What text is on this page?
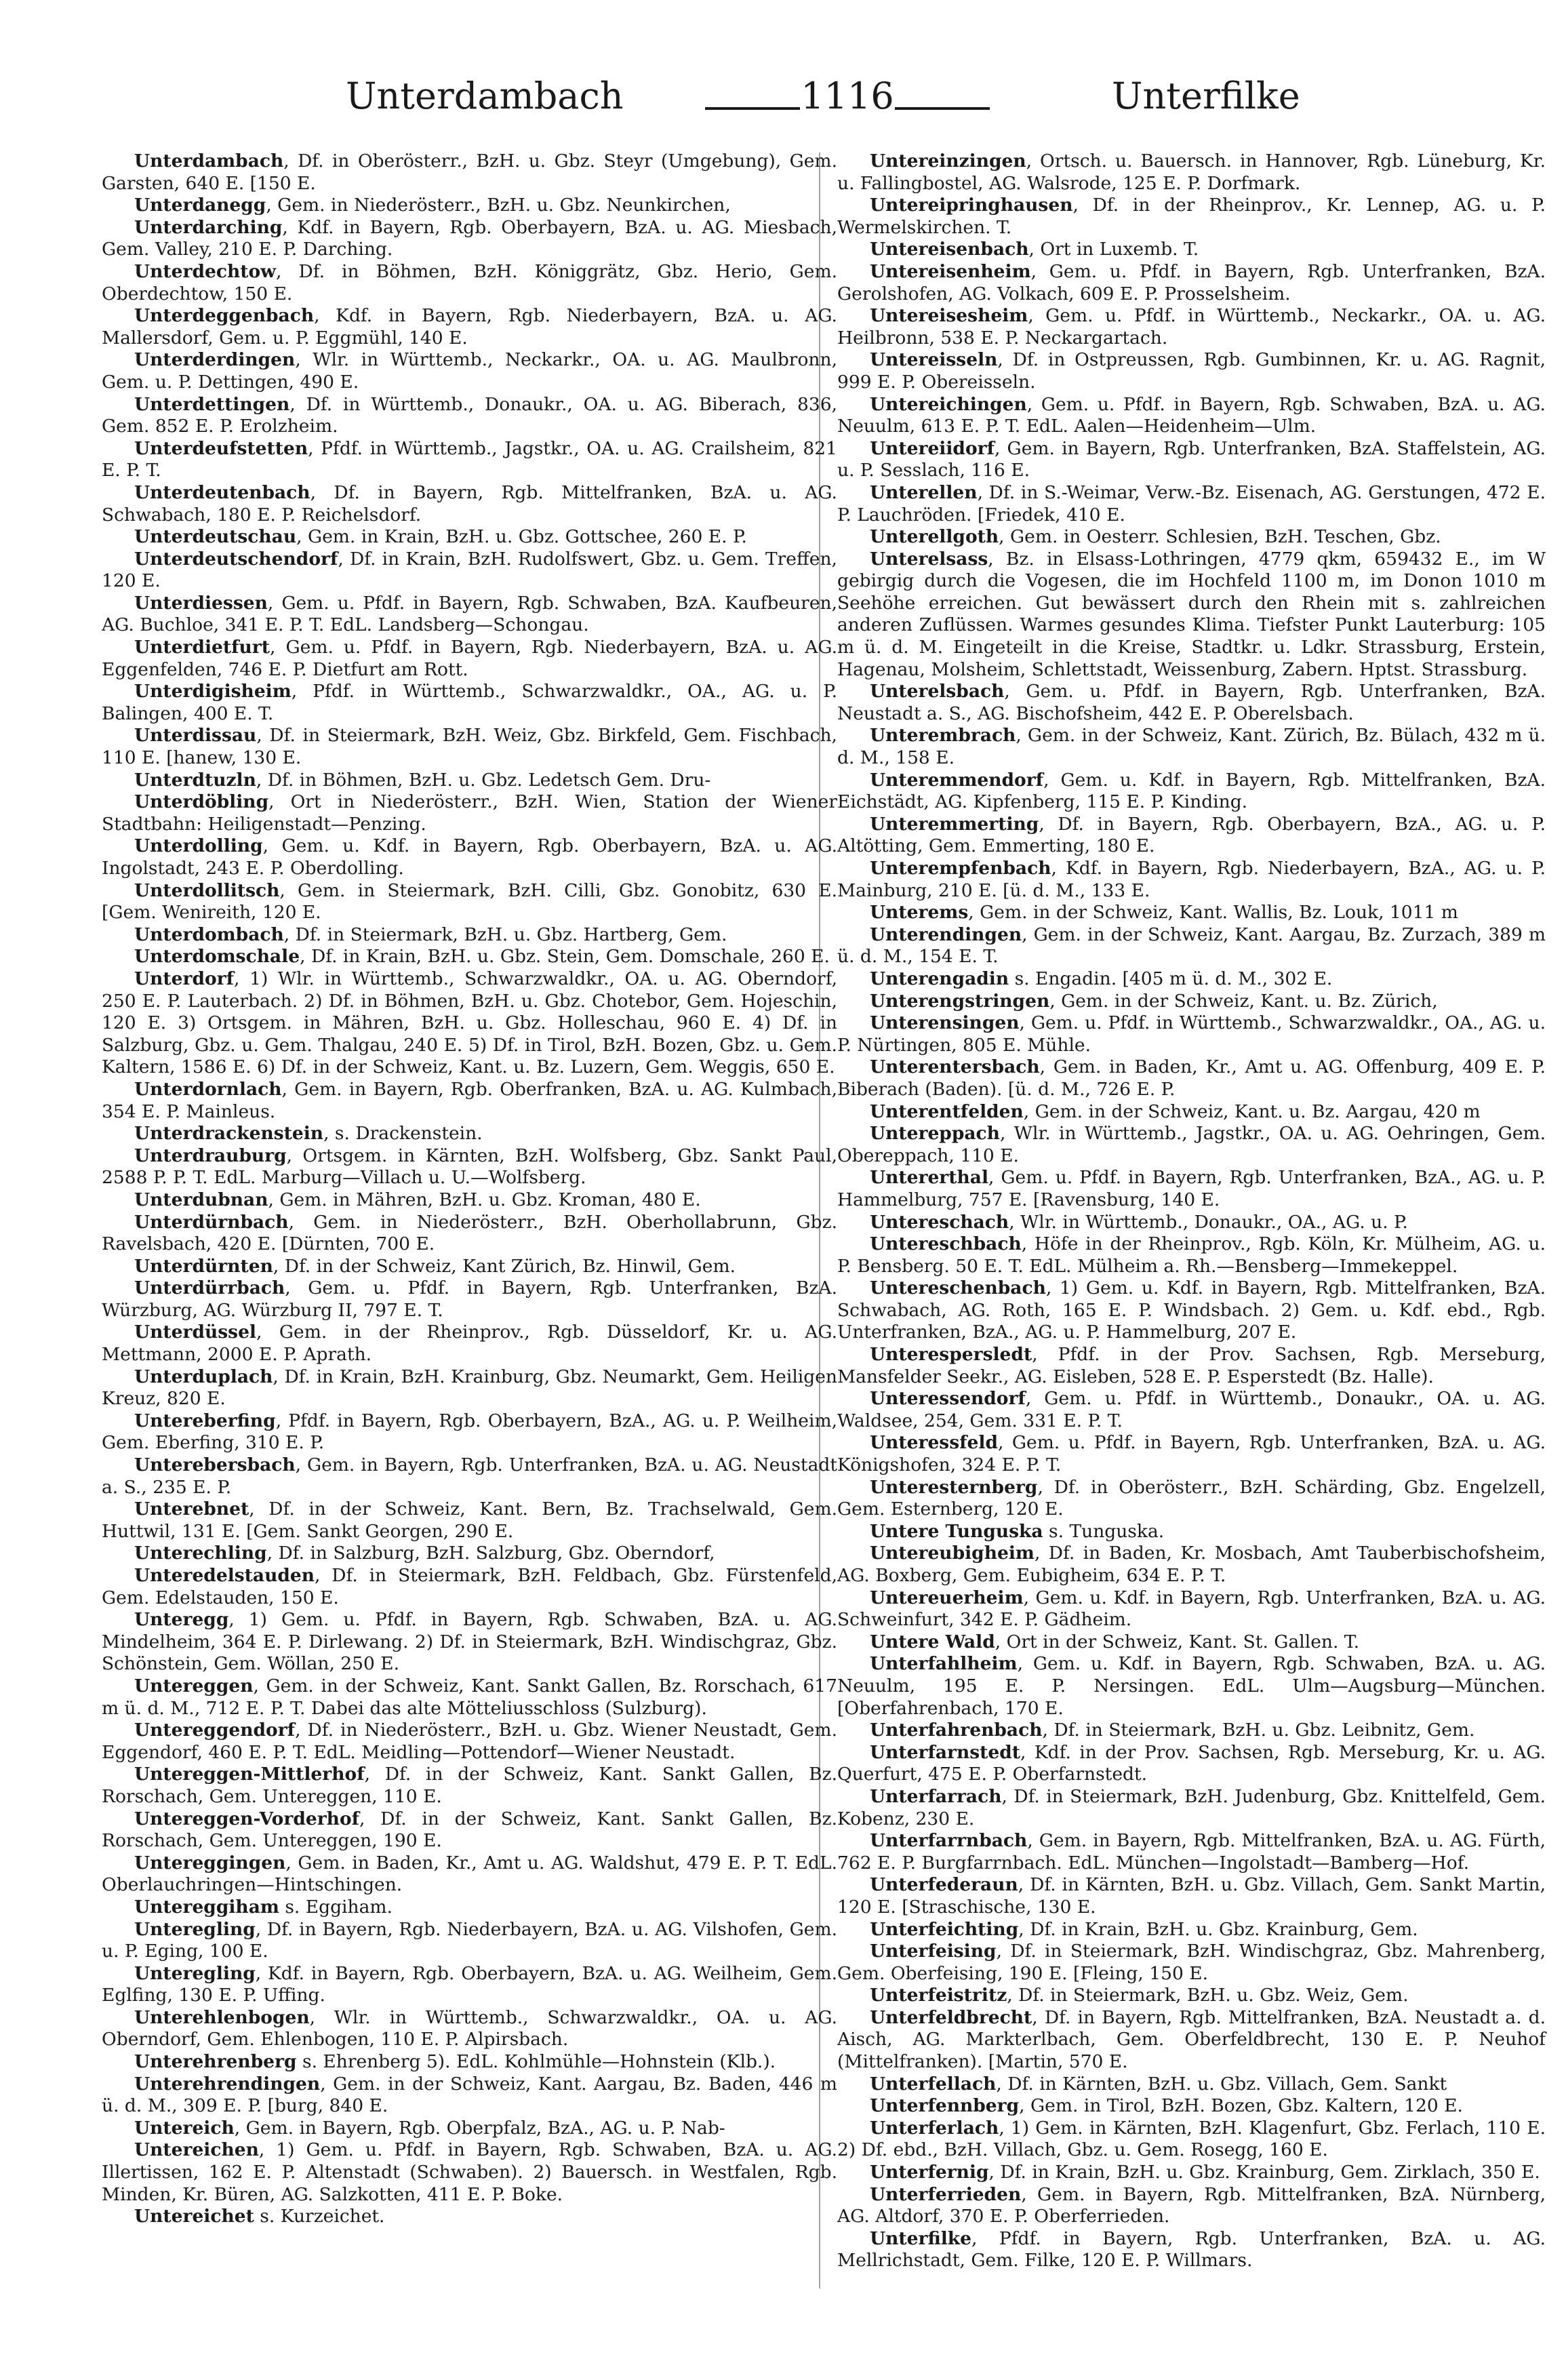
Unterdambach	1116	Unterfilke

Unterdambach, Df. in Oberösterr., BzH. u. Gbz. Steyr (Umgebung), Gem. Garsten, 640 E. [150 E.

Unterdanegg, Gem. in Niederösterr., BzH. u. Gbz. Neunkirchen,

Unterdarching, Kdf. in Bayern, Rgb. Oberbayern, BzA. u. AG. Miesbach, Gem. Valley, 210 E. P. Darching.

Unterdechtow, Df. in Böhmen, BzH. Königgrätz, Gbz. Herio, Gem. Oberdechtow, 150 E.

Unterdeggenbach, Kdf. in Bayern, Rgb. Niederbayern, BzA. u. AG. Mallersdorf, Gem. u. P. Eggmühl, 140 E.

Unterderdingen, Wlr. in Württemb., Neckarkr., OA. u. AG. Maulbronn, Gem. u. P. Dettingen, 490 E.

Unterdettingen, Df. in Württemb., Donaukr., OA. u. AG. Biberach, 836, Gem. 852 E. P. Erolzheim.

Unterdeufstetten, Pfdf. in Württemb., Jagstkr., OA. u. AG. Crailsheim, 821 E. P. T.

Unterdeutenbach, Df. in Bayern, Rgb. Mittelfranken, BzA. u. AG. Schwabach, 180 E. P. Reichelsdorf.

Unterdeutschau, Gem. in Krain, BzH. u. Gbz. Gottschee, 260 E. P.

Unterdeutschendorf, Df. in Krain, BzH. Rudolfswert, Gbz. u. Gem. Treffen, 120 E.

Unterdiessen, Gem. u. Pfdf. in Bayern, Rgb. Schwaben, BzA. Kaufbeuren, AG. Buchloe, 341 E. P. T. EdL. Landsberg—Schongau.

Unterdietfurt, Gem. u. Pfdf. in Bayern, Rgb. Niederbayern, BzA. u. AG. Eggenfelden, 746 E. P. Dietfurt am Rott.

Unterdigisheim, Pfdf. in Württemb., Schwarzwaldkr., OA., AG. u. P. Balingen, 400 E. T.

Unterdissau, Df. in Steiermark, BzH. Weiz, Gbz. Birkfeld, Gem. Fischbach, 110 E. [hanew, 130 E.

Unterdtuzln, Df. in Böhmen, BzH. u. Gbz. Ledetsch Gem. Dru-

Unterdöbling, Ort in Niederösterr., BzH. Wien, Station der Wiener Stadtbahn: Heiligenstadt—Penzing.

Unterdolling, Gem. u. Kdf. in Bayern, Rgb. Oberbayern, BzA. u. AG. Ingolstadt, 243 E. P. Oberdolling.

Unterdollitsch, Gem. in Steiermark, BzH. Cilli, Gbz. Gonobitz, 630 E. [Gem. Wenireith, 120 E.

Unterdombach, Df. in Steiermark, BzH. u. Gbz. Hartberg, Gem.

Unterdomschale, Df. in Krain, BzH. u. Gbz. Stein, Gem. Domschale, 260 E.

Unterdorf, 1) Wlr. in Württemb., Schwarzwaldkr., OA. u. AG. Oberndorf, 250 E. P. Lauterbach. 2) Df. in Böhmen, BzH. u. Gbz. Chotebor, Gem. Hojeschin, 120 E. 3) Ortsgem. in Mähren, BzH. u. Gbz. Holleschau, 960 E. 4) Df. in Salzburg, Gbz. u. Gem. Thalgau, 240 E. 5) Df. in Tirol, BzH. Bozen, Gbz. u. Gem. Kaltern, 1586 E. 6) Df. in der Schweiz, Kant. u. Bz. Luzern, Gem. Weggis, 650 E.

Unterdornlach, Gem. in Bayern, Rgb. Oberfranken, BzA. u. AG. Kulmbach, 354 E. P. Mainleus.

Unterdrackenstein, s. Drackenstein.

Unterdrauburg, Ortsgem. in Kärnten, BzH. Wolfsberg, Gbz. Sankt Paul, 2588 P. P. T. EdL. Marburg—Villach u. U.—Wolfsberg.

Unterdubnan, Gem. in Mähren, BzH. u. Gbz. Kroman, 480 E.

Unterdürnbach, Gem. in Niederösterr., BzH. Oberhollabrunn, Gbz. Ravelsbach, 420 E. [Dürnten, 700 E.

Unterdürnten, Df. in der Schweiz, Kant Zürich, Bz. Hinwil, Gem.

Unterdürrbach, Gem. u. Pfdf. in Bayern, Rgb. Unterfranken, BzA. Würzburg, AG. Würzburg II, 797 E. T.

Unterdüssel, Gem. in der Rheinprov., Rgb. Düsseldorf, Kr. u. AG. Mettmann, 2000 E. P. Aprath.

Unterduplach, Df. in Krain, BzH. Krainburg, Gbz. Neumarkt, Gem. Heiligen Kreuz, 820 E.

Untereberfing, Pfdf. in Bayern, Rgb. Oberbayern, BzA., AG. u. P. Weilheim, Gem. Eberfing, 310 E. P.

Unterebersbach, Gem. in Bayern, Rgb. Unterfranken, BzA. u. AG. Neustadt a. S., 235 E. P.

Unterebnet, Df. in der Schweiz, Kant. Bern, Bz. Trachselwald, Gem. Huttwil, 131 E. [Gem. Sankt Georgen, 290 E.

Unterechling, Df. in Salzburg, BzH. Salzburg, Gbz. Oberndorf,

Unteredelstauden, Df. in Steiermark, BzH. Feldbach, Gbz. Fürstenfeld, Gem. Edelstauden, 150 E.

Unteregg, 1) Gem. u. Pfdf. in Bayern, Rgb. Schwaben, BzA. u. AG. Mindelheim, 364 E. P. Dirlewang. 2) Df. in Steiermark, BzH. Windischgraz, Gbz. Schönstein, Gem. Wöllan, 250 E.

Untereggen, Gem. in der Schweiz, Kant. Sankt Gallen, Bz. Rorschach, 617 m ü. d. M., 712 E. P. T. Dabei das alte Mötteliusschloss (Sulzburg).

Untereggendorf, Df. in Niederösterr., BzH. u. Gbz. Wiener Neustadt, Gem. Eggendorf, 460 E. P. T. EdL. Meidling—Pottendorf—Wiener Neustadt.

Untereggen-Mittlerhof, Df. in der Schweiz, Kant. Sankt Gallen, Bz. Rorschach, Gem. Untereggen, 110 E.

Untereggen-Vorderhof, Df. in der Schweiz, Kant. Sankt Gallen, Bz. Rorschach, Gem. Untereggen, 190 E.

Untereggingen, Gem. in Baden, Kr., Amt u. AG. Waldshut, 479 E. P. T. EdL. Oberlauchringen—Hintschingen.

Untereggiham s. Eggiham.

Unteregling, Df. in Bayern, Rgb. Niederbayern, BzA. u. AG. Vilshofen, Gem. u. P. Eging, 100 E.

Unteregling, Kdf. in Bayern, Rgb. Oberbayern, BzA. u. AG. Weilheim, Gem. Eglfing, 130 E. P. Uffing.

Unterehlenbogen, Wlr. in Württemb., Schwarzwaldkr., OA. u. AG. Oberndorf, Gem. Ehlenbogen, 110 E. P. Alpirsbach.

Unterehrenberg s. Ehrenberg 5). EdL. Kohlmühle—Hohnstein (Klb.).

Unterehrendingen, Gem. in der Schweiz, Kant. Aargau, Bz. Baden, 446 m ü. d. M., 309 E. P. [burg, 840 E.

Untereich, Gem. in Bayern, Rgb. Oberpfalz, BzA., AG. u. P. Nab-

Untereichen, 1) Gem. u. Pfdf. in Bayern, Rgb. Schwaben, BzA. u. AG. Illertissen, 162 E. P. Altenstadt (Schwaben). 2) Bauersch. in Westfalen, Rgb. Minden, Kr. Büren, AG. Salzkotten, 411 E. P. Boke.

Untereichet s. Kurzeichet.

Untereinzingen, Ortsch. u. Bauersch. in Hannover, Rgb. Lüneburg, Kr. u. Fallingbostel, AG. Walsrode, 125 E. P. Dorfmark.

Untereipringhausen, Df. in der Rheinprov., Kr. Lennep, AG. u. P. Wermelskirchen. T.

Untereisenbach, Ort in Luxemb. T.

Untereisenheim, Gem. u. Pfdf. in Bayern, Rgb. Unterfranken, BzA. Gerolshofen, AG. Volkach, 609 E. P. Prosselsheim.

Untereisesheim, Gem. u. Pfdf. in Württemb., Neckarkr., OA. u. AG. Heilbronn, 538 E. P. Neckargartach.

Untereisseln, Df. in Ostpreussen, Rgb. Gumbinnen, Kr. u. AG. Ragnit, 999 E. P. Obereisseln.

Untereichingen, Gem. u. Pfdf. in Bayern, Rgb. Schwaben, BzA. u. AG. Neuulm, 613 E. P. T. EdL. Aalen—Heidenheim—Ulm.

Untereiidorf, Gem. in Bayern, Rgb. Unterfranken, BzA. Staffelstein, AG. u. P. Sesslach, 116 E.

Unterellen, Df. in S.-Weimar, Verw.-Bz. Eisenach, AG. Gerstungen, 472 E. P. Lauchröden. [Friedek, 410 E.

Unterellgoth, Gem. in Oesterr. Schlesien, BzH. Teschen, Gbz.

Unterelsass, Bz. in Elsass-Lothringen, 4779 qkm, 659432 E., im W gebirgig durch die Vogesen, die im Hochfeld 1100 m, im Donon 1010 m Seehöhe erreichen. Gut bewässert durch den Rhein mit s. zahlreichen anderen Zuflüssen. Warmes gesundes Klima. Tiefster Punkt Lauterburg: 105 m ü. d. M. Eingeteilt in die Kreise, Stadtkr. u. Ldkr. Strassburg, Erstein, Hagenau, Molsheim, Schlettstadt, Weissenburg, Zabern. Hptst. Strassburg.

Unterelsbach, Gem. u. Pfdf. in Bayern, Rgb. Unterfranken, BzA. Neustadt a. S., AG. Bischofsheim, 442 E. P. Oberelsbach.

Unterembrach, Gem. in der Schweiz, Kant. Zürich, Bz. Bülach, 432 m ü. d. M., 158 E.

Unteremmendorf, Gem. u. Kdf. in Bayern, Rgb. Mittelfranken, BzA. Eichstädt, AG. Kipfenberg, 115 E. P. Kinding.

Unteremmerting, Df. in Bayern, Rgb. Oberbayern, BzA., AG. u. P. Altötting, Gem. Emmerting, 180 E.

Unterempfenbach, Kdf. in Bayern, Rgb. Niederbayern, BzA., AG. u. P. Mainburg, 210 E. [ü. d. M., 133 E.

Unterems, Gem. in der Schweiz, Kant. Wallis, Bz. Louk, 1011 m

Unterendingen, Gem. in der Schweiz, Kant. Aargau, Bz. Zurzach, 389 m ü. d. M., 154 E. T.

Unterengadin s. Engadin. [405 m ü. d. M., 302 E.

Unterengstringen, Gem. in der Schweiz, Kant. u. Bz. Zürich,

Unterensingen, Gem. u. Pfdf. in Württemb., Schwarzwaldkr., OA., AG. u. P. Nürtingen, 805 E. Mühle.

Unterentersbach, Gem. in Baden, Kr., Amt u. AG. Offenburg, 409 E. P. Biberach (Baden). [ü. d. M., 726 E. P.

Unterentfelden, Gem. in der Schweiz, Kant. u. Bz. Aargau, 420 m

Untereppach, Wlr. in Württemb., Jagstkr., OA. u. AG. Oehringen, Gem. Obereppach, 110 E.

Untererthal, Gem. u. Pfdf. in Bayern, Rgb. Unterfranken, BzA., AG. u. P. Hammelburg, 757 E. [Ravensburg, 140 E.

Untereschach, Wlr. in Württemb., Donaukr., OA., AG. u. P.

Untereschbach, Höfe in der Rheinprov., Rgb. Köln, Kr. Mülheim, AG. u. P. Bensberg. 50 E. T. EdL. Mülheim a. Rh.—Bensberg—Immekeppel.

Untereschenbach, 1) Gem. u. Kdf. in Bayern, Rgb. Mittelfranken, BzA. Schwabach, AG. Roth, 165 E. P. Windsbach. 2) Gem. u. Kdf. ebd., Rgb. Unterfranken, BzA., AG. u. P. Hammelburg, 207 E.

Unterespersledt, Pfdf. in der Prov. Sachsen, Rgb. Merseburg, Mansfelder Seekr., AG. Eisleben, 528 E. P. Esperstedt (Bz. Halle).

Unteressendorf, Gem. u. Pfdf. in Württemb., Donaukr., OA. u. AG. Waldsee, 254, Gem. 331 E. P. T.

Unteressfeld, Gem. u. Pfdf. in Bayern, Rgb. Unterfranken, BzA. u. AG. Königshofen, 324 E. P. T.

Unteresternberg, Df. in Oberösterr., BzH. Schärding, Gbz. Engelzell, Gem. Esternberg, 120 E.

Untere Tunguska s. Tunguska.

Untereubigheim, Df. in Baden, Kr. Mosbach, Amt Tauberbischofsheim, AG. Boxberg, Gem. Eubigheim, 634 E. P. T.

Untereuerheim, Gem. u. Kdf. in Bayern, Rgb. Unterfranken, BzA. u. AG. Schweinfurt, 342 E. P. Gädheim.

Untere Wald, Ort in der Schweiz, Kant. St. Gallen. T.

Unterfahlheim, Gem. u. Kdf. in Bayern, Rgb. Schwaben, BzA. u. AG. Neuulm, 195 E. P. Nersingen. EdL. Ulm—Augsburg—München. [Oberfahrenbach, 170 E.

Unterfahrenbach, Df. in Steiermark, BzH. u. Gbz. Leibnitz, Gem.

Unterfarnstedt, Kdf. in der Prov. Sachsen, Rgb. Merseburg, Kr. u. AG. Querfurt, 475 E. P. Oberfarnstedt.

Unterfarrach, Df. in Steiermark, BzH. Judenburg, Gbz. Knittelfeld, Gem. Kobenz, 230 E.

Unterfarrnbach, Gem. in Bayern, Rgb. Mittelfranken, BzA. u. AG. Fürth, 762 E. P. Burgfarrnbach. EdL. München—Ingolstadt—Bamberg—Hof.

Unterfederaun, Df. in Kärnten, BzH. u. Gbz. Villach, Gem. Sankt Martin, 120 E. [Straschische, 130 E.

Unterfeichting, Df. in Krain, BzH. u. Gbz. Krainburg, Gem.

Unterfeising, Df. in Steiermark, BzH. Windischgraz, Gbz. Mahrenberg, Gem. Oberfeising, 190 E. [Fleing, 150 E.

Unterfeistritz, Df. in Steiermark, BzH. u. Gbz. Weiz, Gem.

Unterfeldbrecht, Df. in Bayern, Rgb. Mittelfranken, BzA. Neustadt a. d. Aisch, AG. Markterlbach, Gem. Oberfeldbrecht, 130 E. P. Neuhof (Mittelfranken). [Martin, 570 E.

Unterfellach, Df. in Kärnten, BzH. u. Gbz. Villach, Gem. Sankt

Unterfennberg, Gem. in Tirol, BzH. Bozen, Gbz. Kaltern, 120 E.

Unterferlach, 1) Gem. in Kärnten, BzH. Klagenfurt, Gbz. Ferlach, 110 E. 2) Df. ebd., BzH. Villach, Gbz. u. Gem. Rosegg, 160 E.

Unterfernig, Df. in Krain, BzH. u. Gbz. Krainburg, Gem. Zirklach, 350 E.

Unterferrieden, Gem. in Bayern, Rgb. Mittelfranken, BzA. Nürnberg, AG. Altdorf, 370 E. P. Oberferrieden.

Unterfilke, Pfdf. in Bayern, Rgb. Unterfranken, BzA. u. AG. Mellrichstadt, Gem. Filke, 120 E. P. Willmars.
